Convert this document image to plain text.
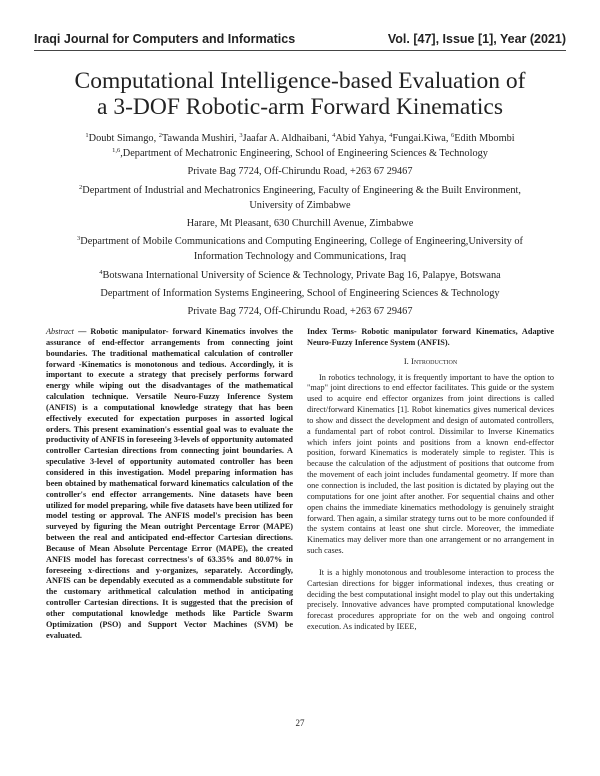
Iraqi Journal for Computers and Informatics	Vol. [47], Issue [1], Year (2021)
Computational Intelligence-based Evaluation of
a 3-DOF Robotic-arm Forward Kinematics

$^1$Doubt Simango, $^2$Tawanda Mushiri, $^3$Jaafar A. Aldhaibani, $^4$Abid Yahya, $^4$Fungai.Kiwa, $^6$Edith Mbombi

$^{1,6}$,Department of Mechatronic Engineering, School of Engineering Sciences & Technology

Private Bag 7724, Off-Chirundu Road, +263 67 29467

$^2$Department of Industrial and Mechatronics Engineering, Faculty of Engineering & the Built Environment,

University of Zimbabwe

Harare, Mt Pleasant, 630 Churchill Avenue, Zimbabwe

$^3$Department of Mobile Communications and Computing Engineering, College of Engineering,University of

Information Technology and Communications, Iraq

$^4$Botswana International University of Science & Technology, Private Bag 16, Palapye, Botswana

Department of Information Systems Engineering, School of Engineering Sciences & Technology

Private Bag 7724, Off-Chirundu Road, +263 67 29467

Abstract — Robotic manipulator- forward Kinematics involves the assurance of end-effector arrangements from connecting joint boundaries. The traditional mathematical calculation of controller forward -Kinematics is monotonous and tedious. Accordingly, it is important to execute a strategy that precisely performs forward energy while wiping out the disadvantages of the mathematical calculation technique. Versatile Neuro-Fuzzy Inference System (ANFIS) is a computational knowledge strategy that has been effectively executed for expectation purposes in assorted logical orders. This present examination's essential goal was to evaluate the productivity of ANFIS in foreseeing 3-levels of opportunity automated controller Cartesian directions from connecting joint boundaries. A speculative 3-level of opportunity automated controller has been considered in this investigation. Model preparing information has been obtained by mathematical forward kinematics calculation of the controller's end effector arrangements. Nine datasets have been utilized for model preparing, while five datasets have been utilized for model testing or approval. The ANFIS model's precision has been surveyed by figuring the Mean outright Percentage Error (MAPE) between the real and anticipated end-effector Cartesian directions. Because of Mean Absolute Percentage Error (MAPE), the created ANFIS model has forecast correctness's of 63.35% and 80.07% in foreseeing x-directions and y-organizes, separately. Accordingly, ANFIS can be dependably executed as a commendable substitute for the customary arithmetical calculation method in anticipating controller Cartesian directions. It is suggested that the precision of other computational knowledge methods like Particle Swarm Optimization (PSO) and Support Vector Machines (SVM) be evaluated.

Index Terms- Robotic manipulator forward Kinematics, Adaptive Neuro-Fuzzy Inference System (ANFIS).

I. Introduction

In robotics technology, it is frequently important to have the option to "map" joint directions to end effector facilitates. This guide or the system used to acquire end effector organizes from joint directions is called direct/forward Kinematics [1]. Robot kinematics gives numerical devices to show and dissect the development and design of automated controllers, a fundamental part of robot control. Dissimilar to Inverse Kinematics which infers joint points and positions from a known end-effector position, forward Kinematics is moderately simple to register. This is because the calculation of the adjustment of positions that outcome from the movement of each joint includes fundamental geometry. If more than one connection is included, the last position is dictated by playing out the computations for one joint after another. For sequential chains and other open chains the immediate kinematics methodology is genuinely straight forward. Then again, a similar strategy turns out to be more confounded if the system contains at least one shut circle. Moreover, the immediate Kinematics may deliver more than one arrangement or no arrangement in such cases.

It is a highly monotonous and troublesome interaction to process the Cartesian directions for bigger informational indexes, thus creating or deciding the best computational insight model to play out this undertaking precisely. Innovative advances have prompted computational knowledge forecast procedures appropriate for on the web and ongoing control execution. As indicated by IEEE,

27
